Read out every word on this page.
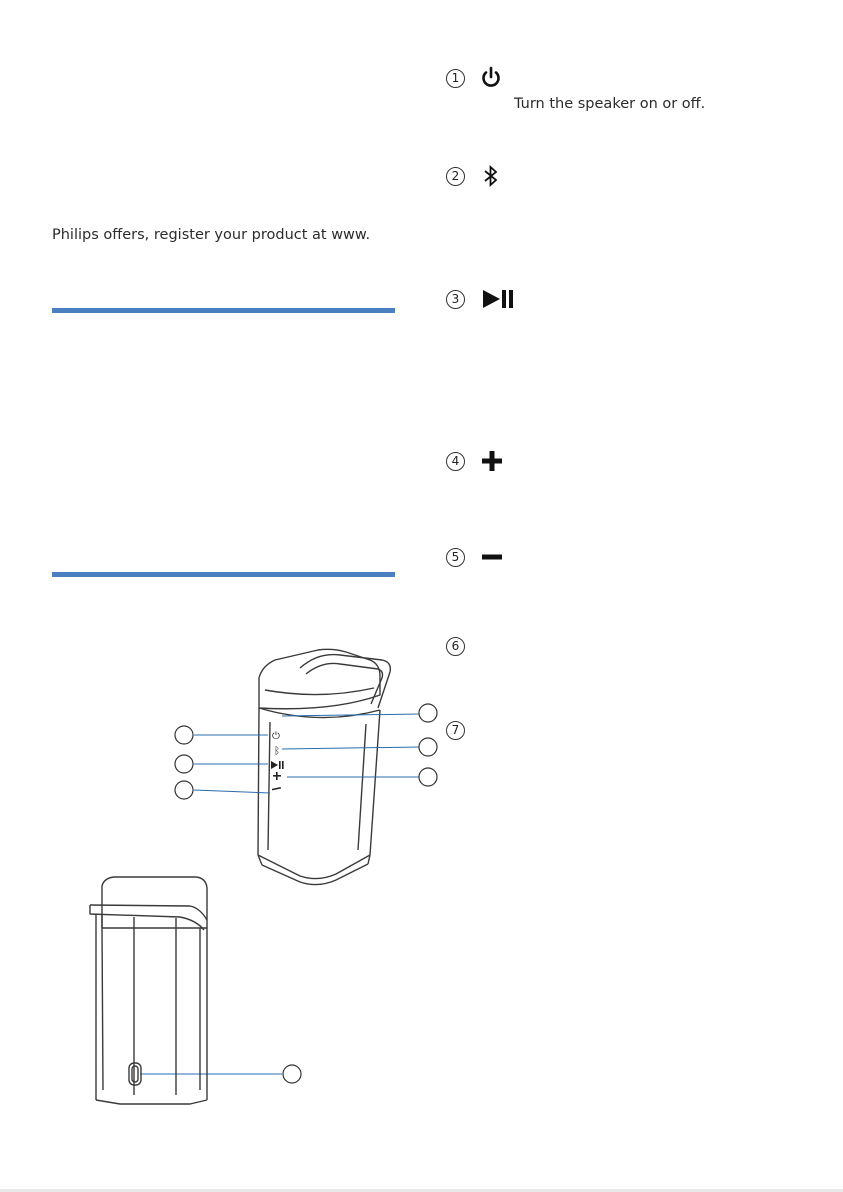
Philips offers, register your product at www.
1
Turn the speaker on or off.
2
3
4
5
6
7
⏻
ᛒ
